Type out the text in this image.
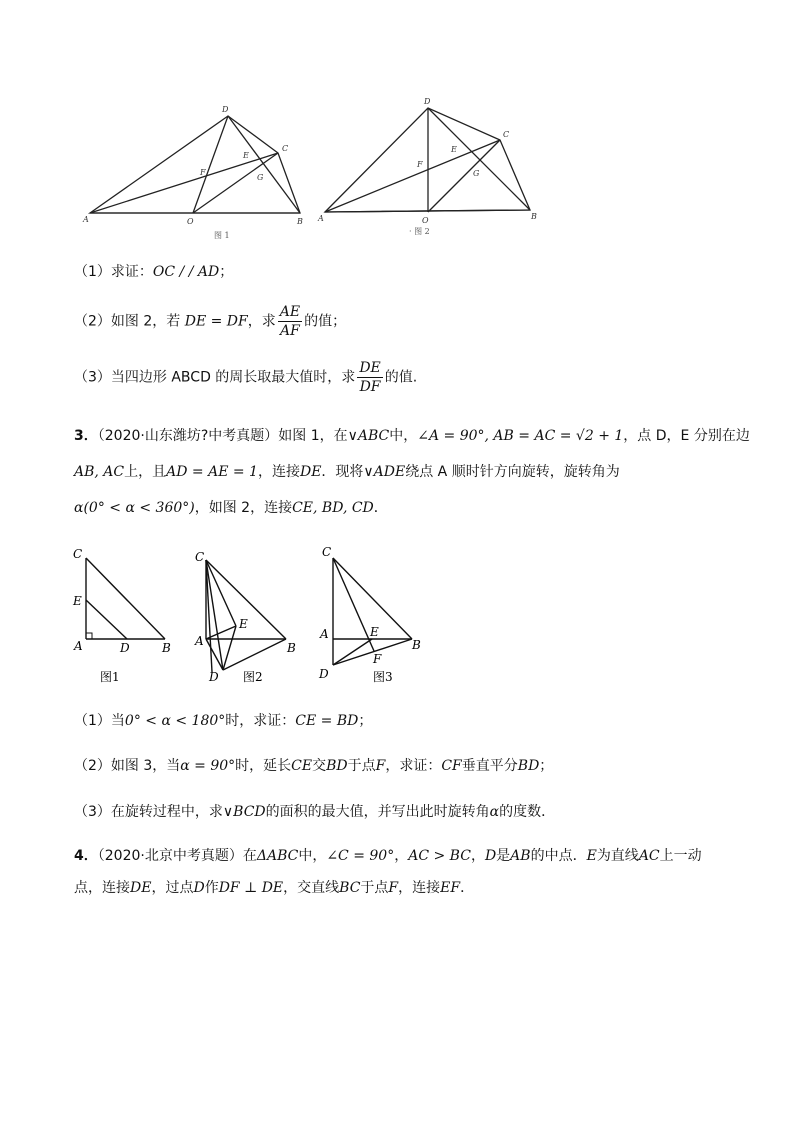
A
D
C
E
F
G
O	B
图 1
A
D
C
E
F
G
O	B
· 图 2
（1）求证：OC / / AD；
（2）如图 2，若 DE = DF，求 $\frac{AE}{AF}$ 的值；
（3）当四边形 ABCD 的周长取最大值时，求 $\frac{DE}{DF}$ 的值.
3．（2020·山东潍坊?中考真题）如图 1，在∨ABC中，∠A = 90°, AB = AC = √2 + 1，点 D，E 分别在边
AB, AC上，且AD = AE = 1，连接DE．现将∨ADE绕点 A 顺时针方向旋转，旋转角为
α(0° < α < 360°)，如图 2，连接CE, BD, CD．
C
E
A	D	B
图1
C
E
A
D
B
图2
C
A	E
B
F
D	图3
（1）当0° < α < 180°时，求证：CE = BD；
（2）如图 3，当α = 90°时，延长CE交BD于点F，求证：CF垂直平分BD；
（3）在旋转过程中，求∨BCD的面积的最大值，并写出此时旋转角α的度数．
4．（2020·北京中考真题）在ΔABC中，∠C = 90°，AC > BC，D是AB的中点．E为直线AC上一动
点，连接DE，过点D作DF ⊥ DE，交直线BC于点F，连接EF．
